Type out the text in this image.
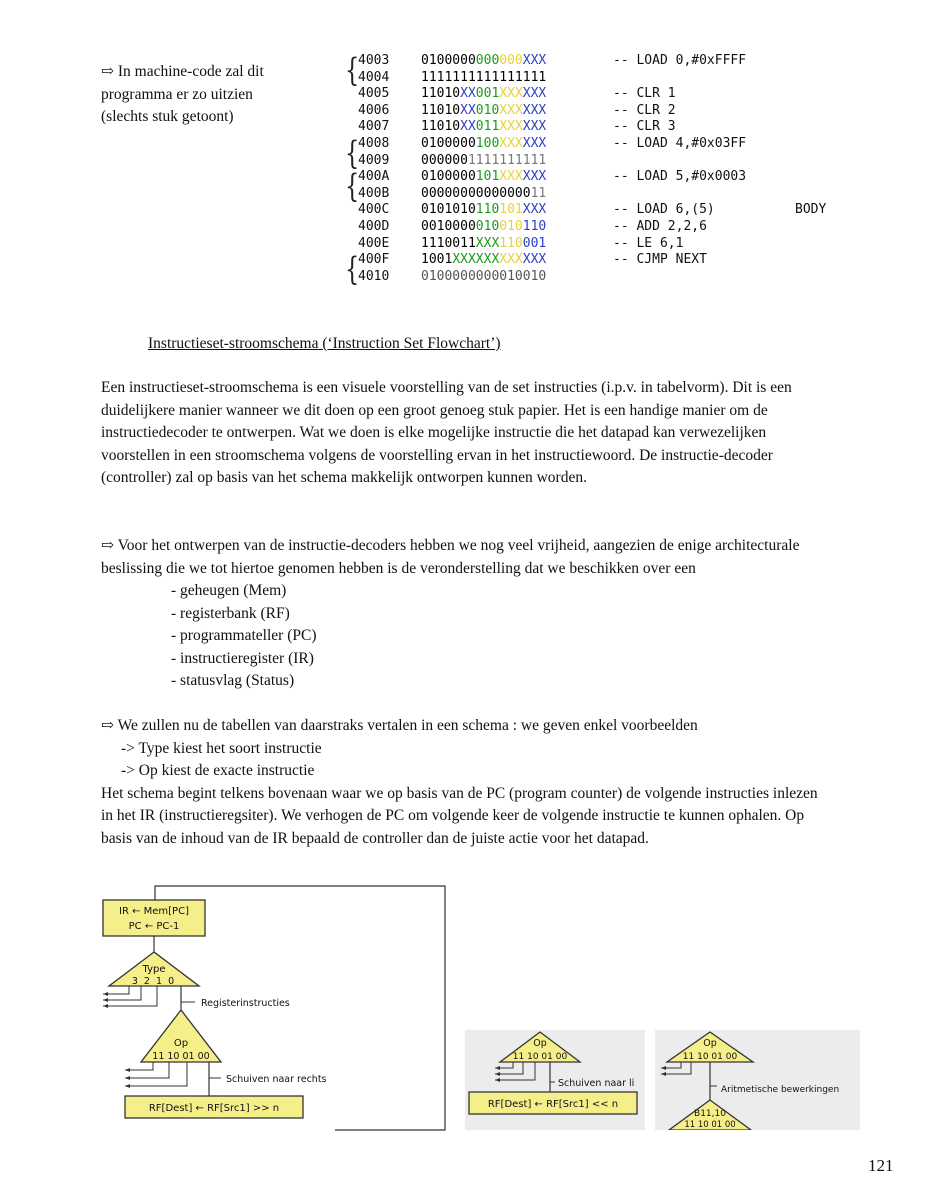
⇨ In machine-code zal dit
programma er zo uitzien
(slechts stuk getoont)
4003 0100000000000XXX	-- LOAD 0,#0xFFFF
{
4004 1111111111111111
4005 11010XX001XXXXXX	-- CLR 1
4006 11010XX010XXXXXX	-- CLR 2
4007 11010XX011XXXXXX	-- CLR 3
4008 0100000100XXXXXX	-- LOAD 4,#0x03FF
{
4009 0000001111111111
400A 0100000101XXXXXX	-- LOAD 5,#0x0003
{
400B 0000000000000011
400C 0101010110101XXX	-- LOAD 6,(5)	BODY
400D 0010000010010110	-- ADD 2,2,6
400E 1110011XXX110001	-- LE 6,1
400F 1001XXXXXXXXXXXX	-- CJMP NEXT
{
4010 0100000000010010
Instructieset-stroomschema (‘Instruction Set Flowchart’)

Een instructieset-stroomschema is een visuele voorstelling van de set instructies (i.p.v. in tabelvorm). Dit is een duidelijkere manier wanneer we dit doen op een groot genoeg stuk papier. Het is een handige manier om de instructiedecoder te ontwerpen. Wat we doen is elke mogelijke instructie die het datapad kan verwezelijken voorstellen in een stroomschema volgens de voorstelling ervan in het instructiewoord. De instructie-decoder (controller) zal op basis van het schema makkelijk ontworpen kunnen worden.

⇨ Voor het ontwerpen van de instructie-decoders hebben we nog veel vrijheid, aangezien de enige architecturale beslissing die we tot hiertoe genomen hebben is de veronderstelling dat we beschikken over een

- geheugen (Mem)
- registerbank (RF)
- programmateller (PC)
- instructieregister (IR)
- statusvlag (Status)

⇨ We zullen nu de tabellen van daarstraks vertalen in een schema : we geven enkel voorbeelden

-> Type kiest het soort instructie

-> Op kiest de exacte instructie

Het schema begint telkens bovenaan waar we op basis van de PC (program counter) de volgende instructies inlezen in het IR (instructieregsiter). We verhogen de PC om volgende keer de volgende instructie te kunnen ophalen. Op basis van de inhoud van de IR bepaald de controller dan de juiste actie voor het datapad.

IR ← Mem[PC]
PC ← PC-1
Type
3  2  1  0
Registerinstructies
Op
11 10 01 00
Schuiven naar rechts
RF[Dest] ← RF[Src1] >> n
Op
11 10 01 00
Schuiven naar li
RF[Dest] ← RF[Src1] << n
Op
11 10 01 00
Aritmetische bewerkingen
B11,10
11 10 01 00
121
